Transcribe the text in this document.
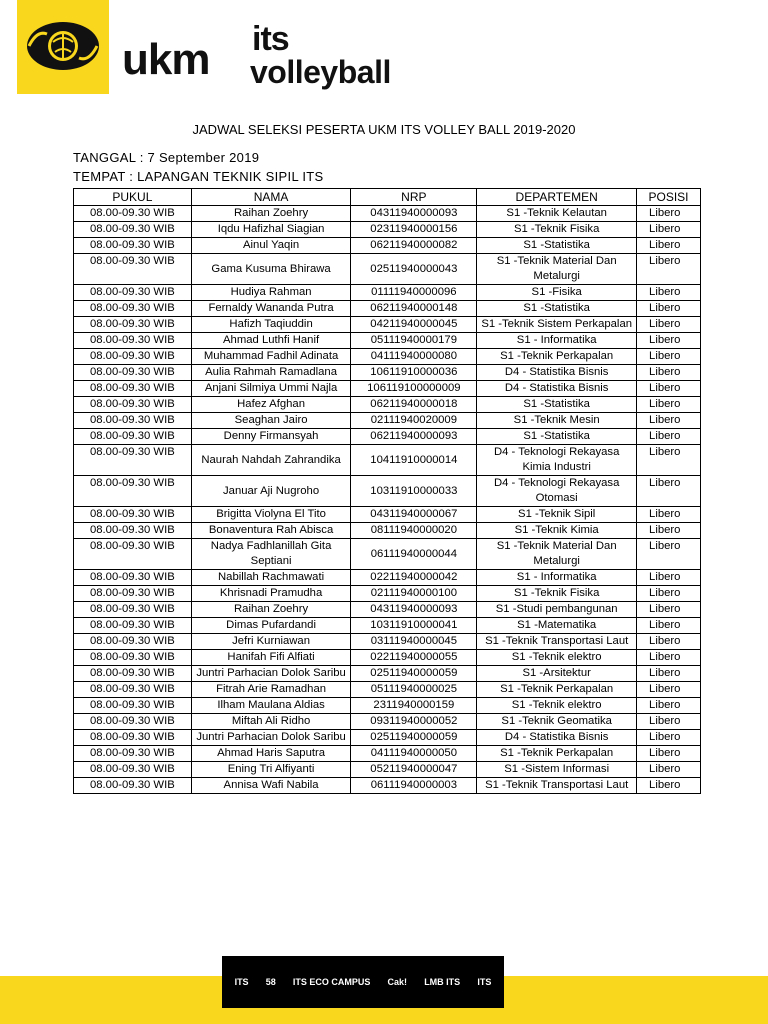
ukm its
volleyball
JADWAL SELEKSI PESERTA UKM ITS VOLLEY BALL 2019-2020
TANGGAL : 7 September 2019
TEMPAT : LAPANGAN TEKNIK SIPIL ITS
PUKUL	NAMA	NRP	DEPARTEMEN	POSISI
08.00-09.30 WIB	Raihan Zoehry	04311940000093	S1 -Teknik Kelautan	Libero
08.00-09.30 WIB	Iqdu Hafizhal Siagian	02311940000156	S1 -Teknik Fisika	Libero
08.00-09.30 WIB	Ainul Yaqin	06211940000082	S1 -Statistika	Libero
08.00-09.30 WIB	Gama Kusuma Bhirawa	02511940000043	S1 -Teknik Material Dan Metalurgi	Libero
08.00-09.30 WIB	Hudiya Rahman	01111940000096	S1 -Fisika	Libero
08.00-09.30 WIB	Fernaldy Wananda Putra	06211940000148	S1 -Statistika	Libero
08.00-09.30 WIB	Hafizh Taqiuddin	04211940000045	S1 -Teknik Sistem Perkapalan	Libero
08.00-09.30 WIB	Ahmad Luthfi Hanif	05111940000179	S1 - Informatika	Libero
08.00-09.30 WIB	Muhammad Fadhil Adinata	04111940000080	S1 -Teknik Perkapalan	Libero
08.00-09.30 WIB	Aulia Rahmah Ramadlana	10611910000036	D4 - Statistika Bisnis	Libero
08.00-09.30 WIB	Anjani Silmiya Ummi Najla	106119100000009	D4 - Statistika Bisnis	Libero
08.00-09.30 WIB	Hafez Afghan	06211940000018	S1 -Statistika	Libero
08.00-09.30 WIB	Seaghan Jairo	02111940020009	S1 -Teknik Mesin	Libero
08.00-09.30 WIB	Denny Firmansyah	06211940000093	S1 -Statistika	Libero
08.00-09.30 WIB	Naurah Nahdah Zahrandika	10411910000014	D4 - Teknologi Rekayasa Kimia Industri	Libero
08.00-09.30 WIB	Januar Aji Nugroho	10311910000033	D4 - Teknologi Rekayasa Otomasi	Libero
08.00-09.30 WIB	Brigitta Violyna El Tito	04311940000067	S1 -Teknik Sipil	Libero
08.00-09.30 WIB	Bonaventura Rah Abisca	08111940000020	S1 -Teknik Kimia	Libero
08.00-09.30 WIB	Nadya Fadhlanillah Gita Septiani	06111940000044	S1 -Teknik Material Dan Metalurgi	Libero
08.00-09.30 WIB	Nabillah Rachmawati	02211940000042	S1 - Informatika	Libero
08.00-09.30 WIB	Khrisnadi Pramudha	02111940000100	S1 -Teknik Fisika	Libero
08.00-09.30 WIB	Raihan Zoehry	04311940000093	S1 -Studi pembangunan	Libero
08.00-09.30 WIB	Dimas Pufardandi	10311910000041	S1 -Matematika	Libero
08.00-09.30 WIB	Jefri Kurniawan	03111940000045	S1 -Teknik Transportasi Laut	Libero
08.00-09.30 WIB	Hanifah Fifi Alfiati	02211940000055	S1 -Teknik elektro	Libero
08.00-09.30 WIB	Juntri Parhacian Dolok Saribu	02511940000059	S1 -Arsitektur	Libero
08.00-09.30 WIB	Fitrah Arie Ramadhan	05111940000025	S1 -Teknik Perkapalan	Libero
08.00-09.30 WIB	Ilham Maulana Aldias	2311940000159	S1 -Teknik elektro	Libero
08.00-09.30 WIB	Miftah Ali Ridho	09311940000052	S1 -Teknik Geomatika	Libero
08.00-09.30 WIB	Juntri Parhacian Dolok Saribu	02511940000059	D4 - Statistika Bisnis	Libero
08.00-09.30 WIB	Ahmad Haris Saputra	04111940000050	S1 -Teknik Perkapalan	Libero
08.00-09.30 WIB	Ening Tri Alfiyanti	05211940000047	S1 -Sistem Informasi	Libero
08.00-09.30 WIB	Annisa Wafi Nabila	06111940000003	S1 -Teknik Transportasi Laut	Libero
ITS 58 ITS ECO CAMPUS Cak! LMB ITS ITS
